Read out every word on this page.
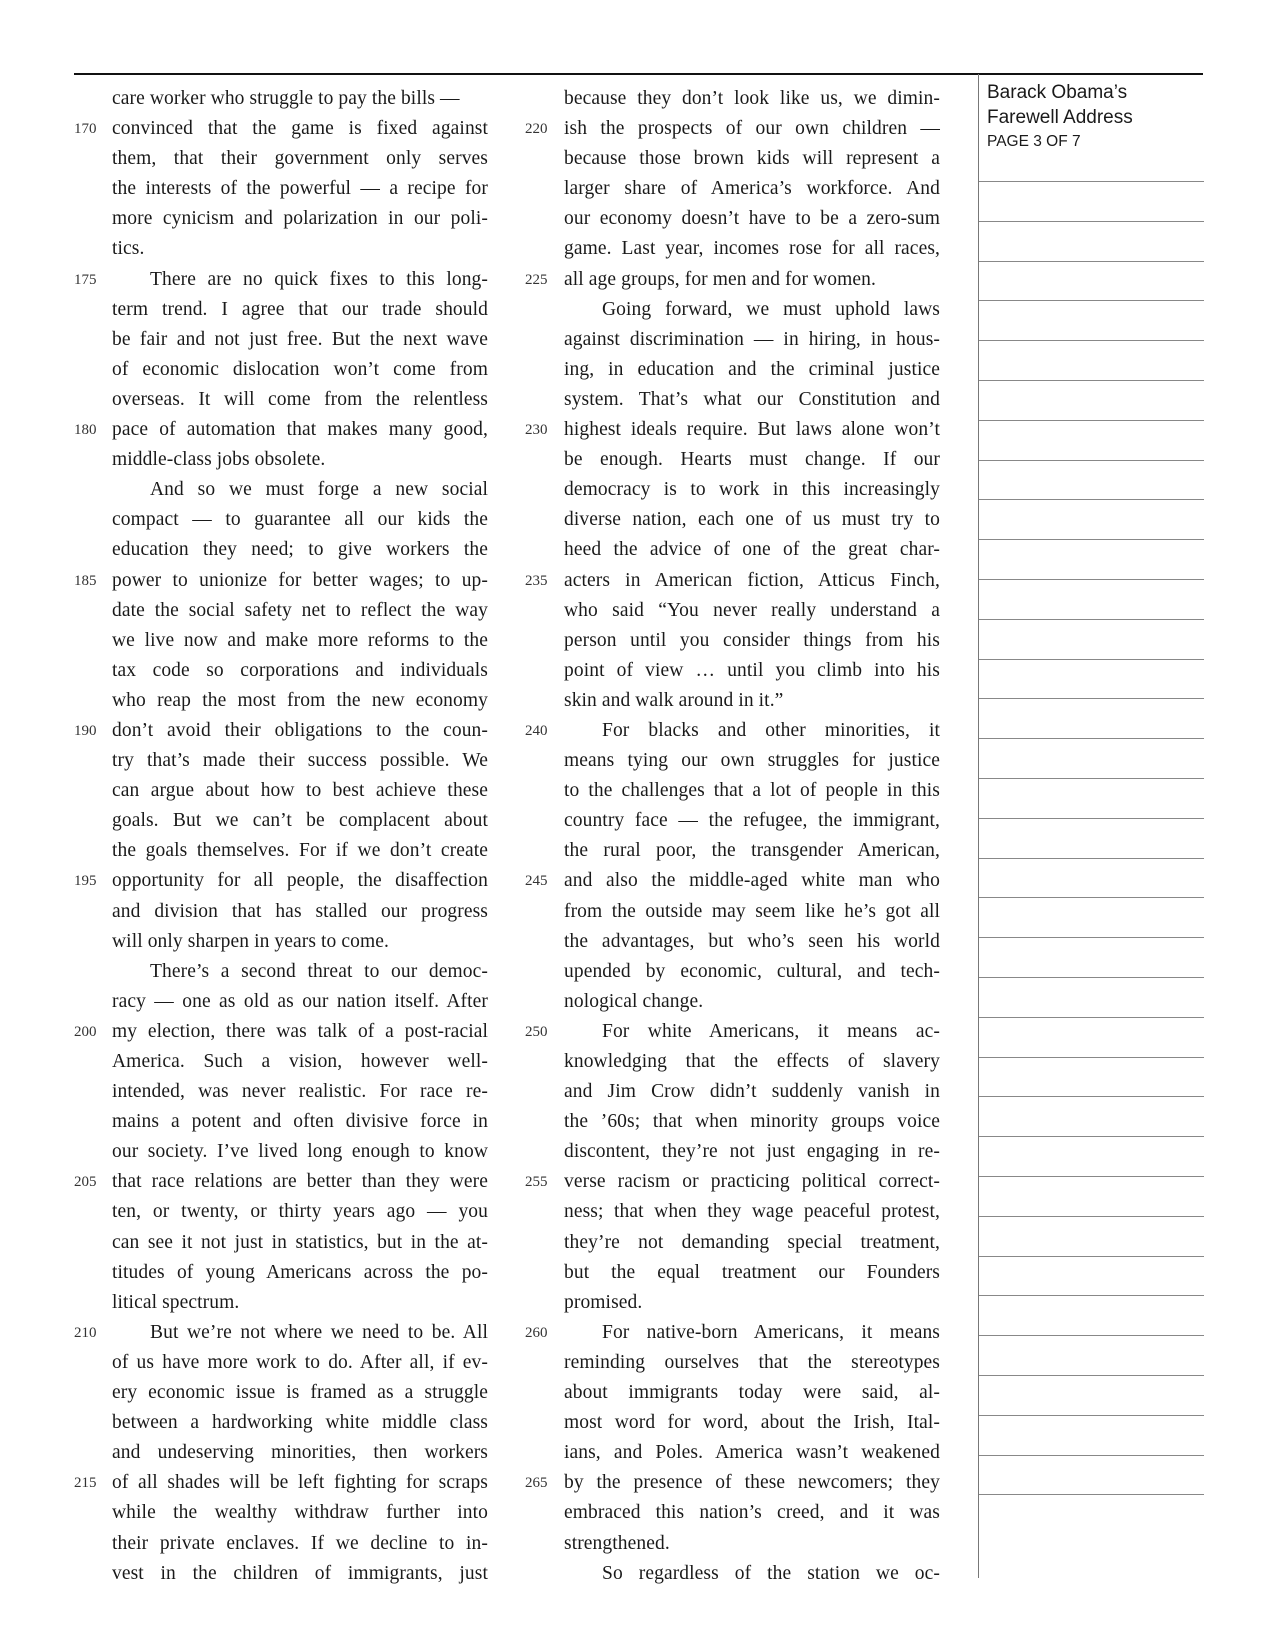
care worker who struggle to pay the bills —
170 convinced that the game is fixed against
them, that their government only serves
the interests of the powerful — a recipe for
more cynicism and polarization in our poli-
tics.
175	There are no quick fixes to this long-
term trend. I agree that our trade should
be fair and not just free. But the next wave
of economic dislocation won’t come from
overseas. It will come from the relentless
180 pace of automation that makes many good,
middle-class jobs obsolete.
And so we must forge a new social
compact — to guarantee all our kids the
education they need; to give workers the
185 power to unionize for better wages; to up-
date the social safety net to reflect the way
we live now and make more reforms to the
tax code so corporations and individuals
who reap the most from the new economy
190 don’t avoid their obligations to the coun-
try that’s made their success possible. We
can argue about how to best achieve these
goals. But we can’t be complacent about
the goals themselves. For if we don’t create
195 opportunity for all people, the disaffection
and division that has stalled our progress
will only sharpen in years to come.
There’s a second threat to our democ-
racy — one as old as our nation itself. After
200 my election, there was talk of a post-racial
America. Such a vision, however well-
intended, was never realistic. For race re-
mains a potent and often divisive force in
our society. I’ve lived long enough to know
205 that race relations are better than they were
ten, or twenty, or thirty years ago — you
can see it not just in statistics, but in the at-
titudes of young Americans across the po-
litical spectrum.
210	But we’re not where we need to be. All
of us have more work to do. After all, if ev-
ery economic issue is framed as a struggle
between a hardworking white middle class
and undeserving minorities, then workers
215 of all shades will be left fighting for scraps
while the wealthy withdraw further into
their private enclaves. If we decline to in-
vest in the children of immigrants, just
because they don’t look like us, we dimin-
220 ish the prospects of our own children —
because those brown kids will represent a
larger share of America’s workforce. And
our economy doesn’t have to be a zero-sum
game. Last year, incomes rose for all races,
225 all age groups, for men and for women.
Going forward, we must uphold laws
against discrimination — in hiring, in hous-
ing, in education and the criminal justice
system. That’s what our Constitution and
230 highest ideals require. But laws alone won’t
be enough. Hearts must change. If our
democracy is to work in this increasingly
diverse nation, each one of us must try to
heed the advice of one of the great char-
235 acters in American fiction, Atticus Finch,
who said “You never really understand a
person until you consider things from his
point of view … until you climb into his
skin and walk around in it.”
240	For blacks and other minorities, it
means tying our own struggles for justice
to the challenges that a lot of people in this
country face — the refugee, the immigrant,
the rural poor, the transgender American,
245 and also the middle-aged white man who
from the outside may seem like he’s got all
the advantages, but who’s seen his world
upended by economic, cultural, and tech-
nological change.
250	For white Americans, it means ac-
knowledging that the effects of slavery
and Jim Crow didn’t suddenly vanish in
the ’60s; that when minority groups voice
discontent, they’re not just engaging in re-
255 verse racism or practicing political correct-
ness; that when they wage peaceful protest,
they’re not demanding special treatment,
but the equal treatment our Founders
promised.
260	For native-born Americans, it means
reminding ourselves that the stereotypes
about immigrants today were said, al-
most word for word, about the Irish, Ital-
ians, and Poles. America wasn’t weakened
265 by the presence of these newcomers; they
embraced this nation’s creed, and it was
strengthened.
So regardless of the station we oc-
Barack Obama’s Farewell Address
PAGE 3 OF 7
